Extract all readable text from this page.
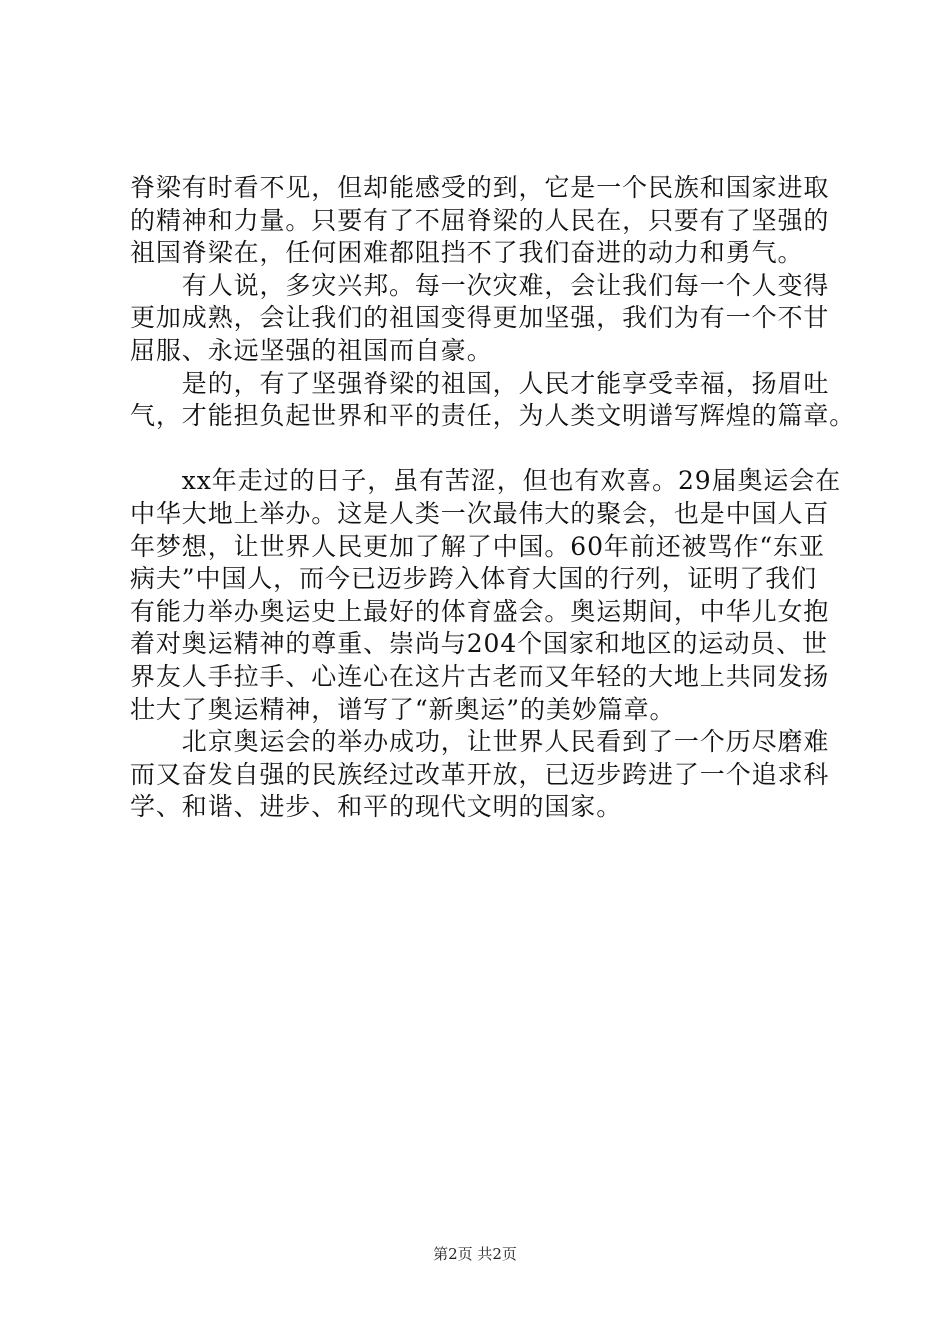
脊梁有时看不见，但却能感受的到，它是一个民族和国家进取
的精神和力量。只要有了不屈脊梁的人民在，只要有了坚强的
祖国脊梁在，任何困难都阻挡不了我们奋进的动力和勇气。
　　有人说，多灾兴邦。每一次灾难，会让我们每一个人变得
更加成熟，会让我们的祖国变得更加坚强，我们为有一个不甘
屈服、永远坚强的祖国而自豪。
　　是的，有了坚强脊梁的祖国，人民才能享受幸福，扬眉吐
气，才能担负起世界和平的责任，为人类文明谱写辉煌的篇章。
　　xx年走过的日子，虽有苦涩，但也有欢喜。29届奥运会在
中华大地上举办。这是人类一次最伟大的聚会，也是中国人百
年梦想，让世界人民更加了解了中国。60年前还被骂作“东亚
病夫”中国人，而今已迈步跨入体育大国的行列，证明了我们
有能力举办奥运史上最好的体育盛会。奥运期间，中华儿女抱
着对奥运精神的尊重、崇尚与204个国家和地区的运动员、世
界友人手拉手、心连心在这片古老而又年轻的大地上共同发扬
壮大了奥运精神，谱写了“新奥运”的美妙篇章。
　　北京奥运会的举办成功，让世界人民看到了一个历尽磨难
而又奋发自强的民族经过改革开放，已迈步跨进了一个追求科
学、和谐、进步、和平的现代文明的国家。
第2页 共2页
